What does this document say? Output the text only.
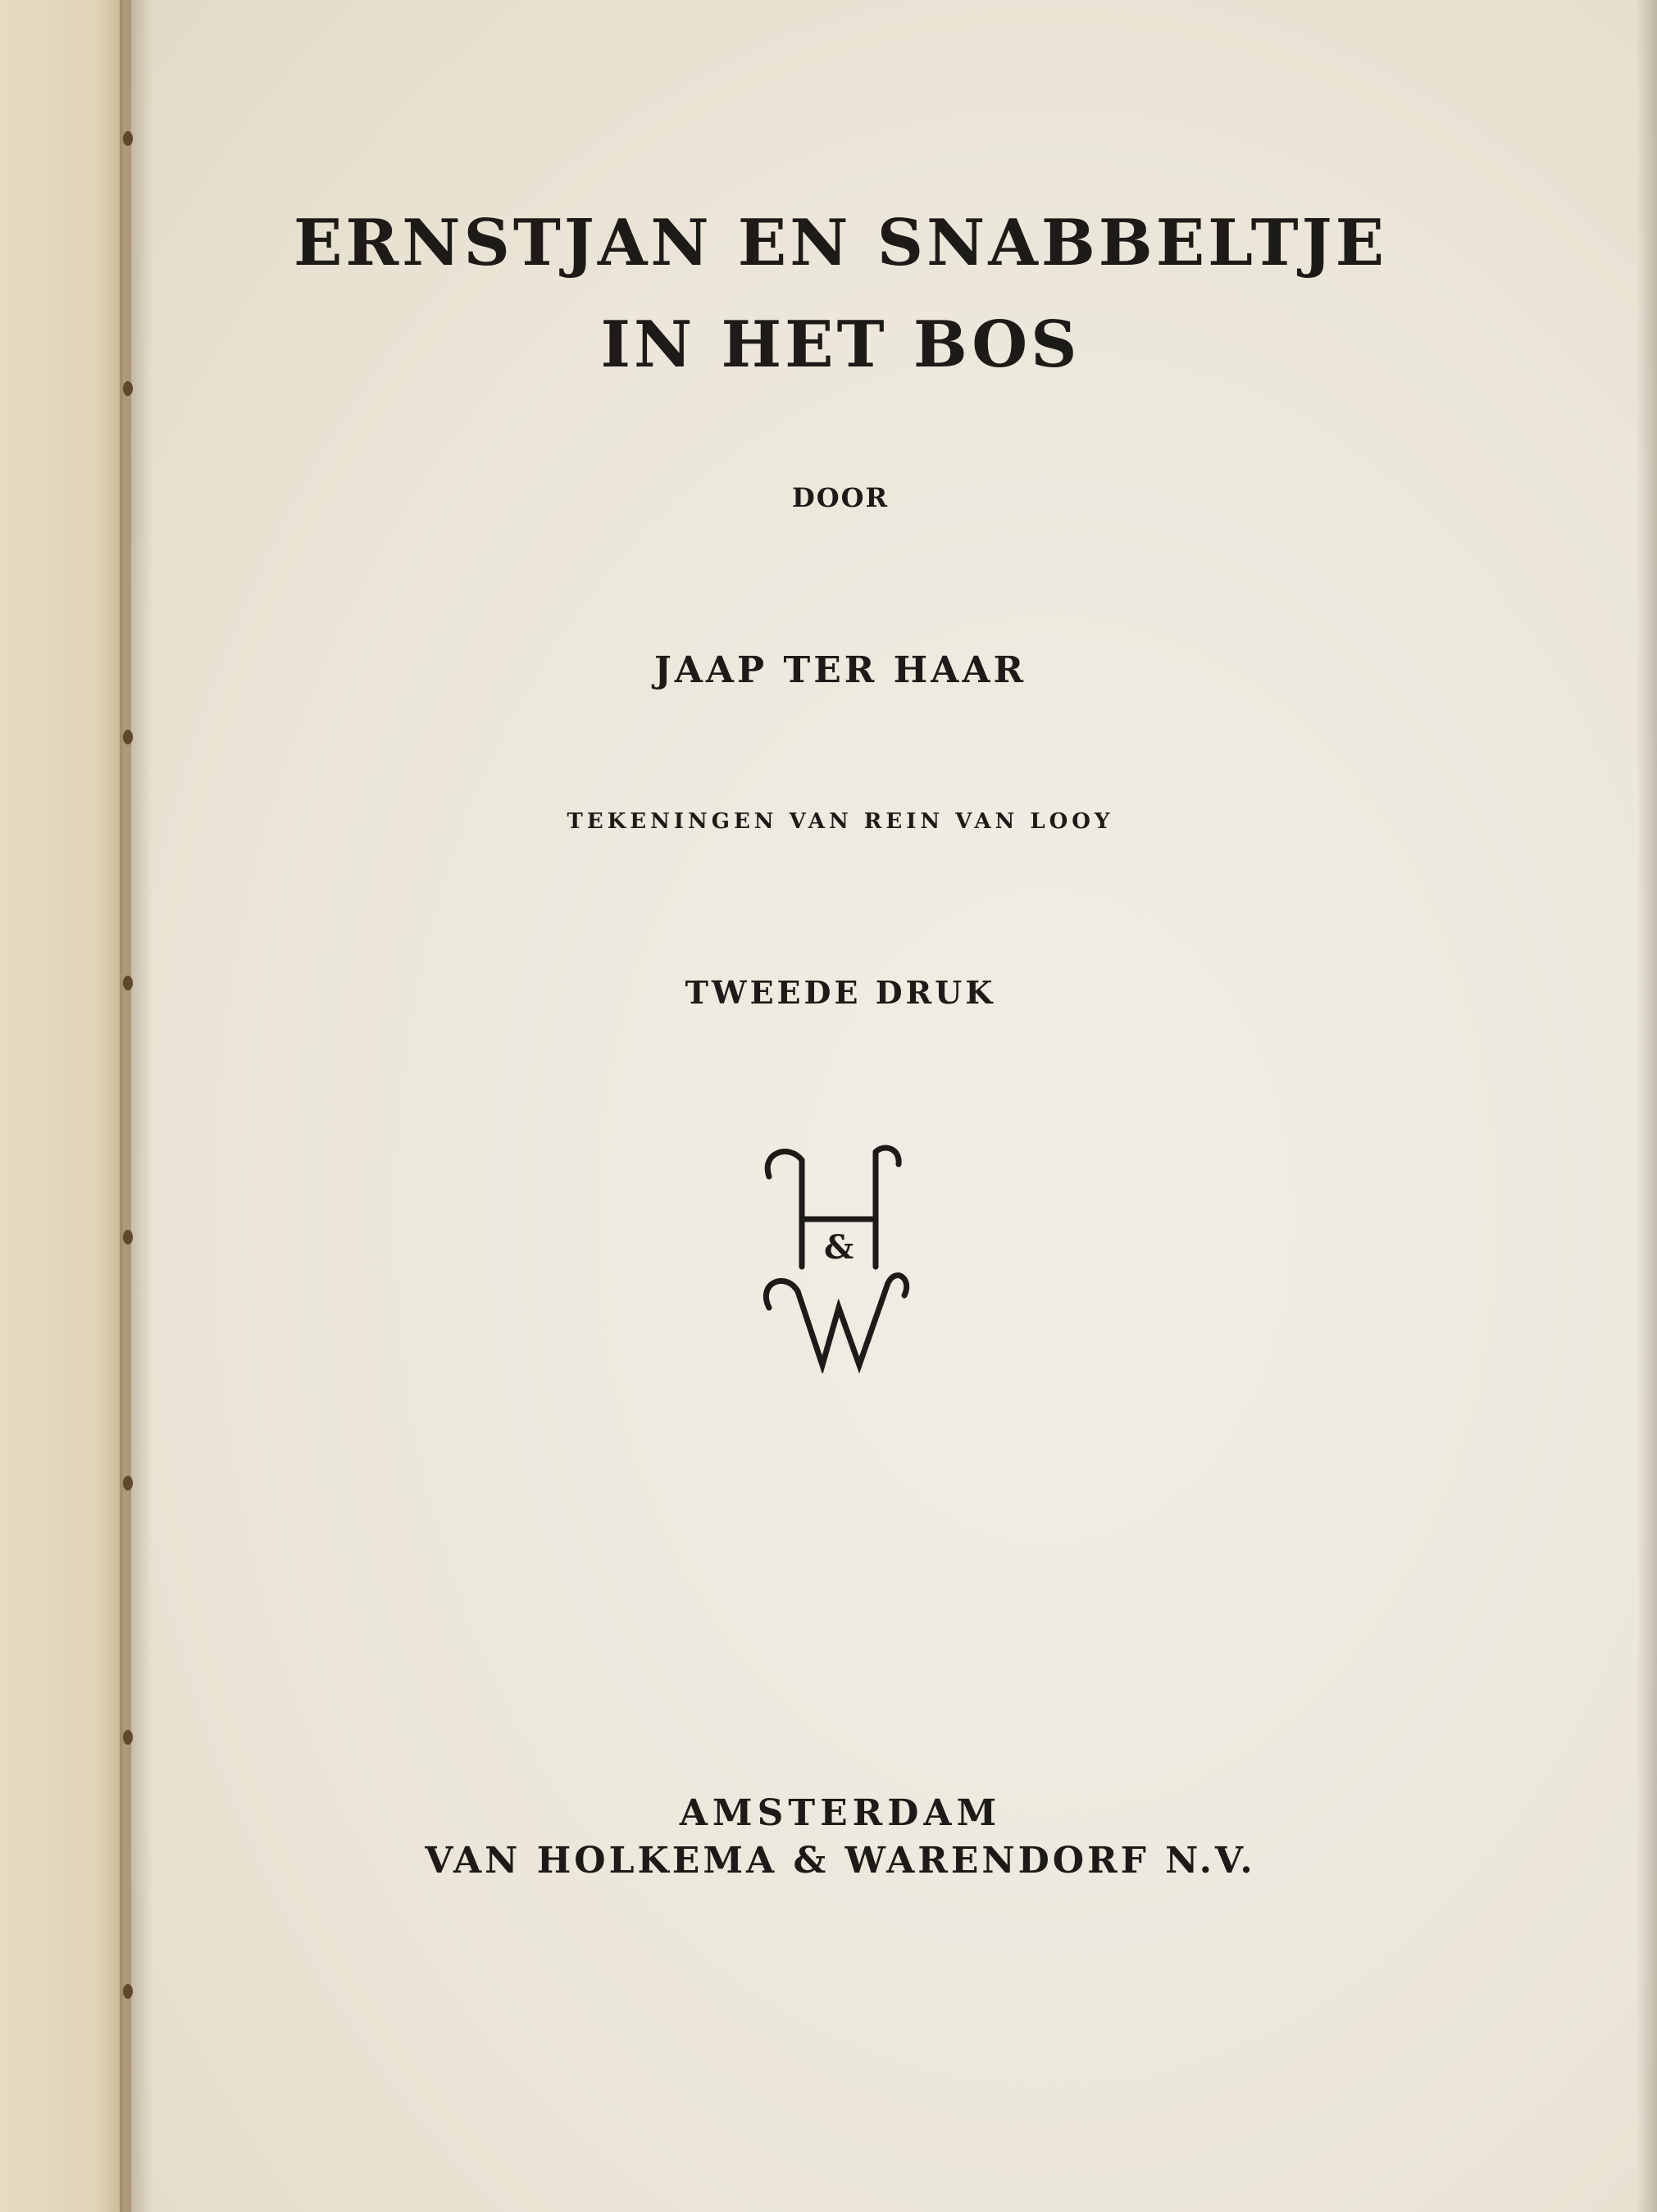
ERNSTJAN EN SNABBELTJE
IN HET BOS
DOOR
JAAP TER HAAR
TEKENINGEN VAN REIN VAN LOOY
TWEEDE DRUK
&
AMSTERDAM
VAN HOLKEMA & WARENDORF N.V.
